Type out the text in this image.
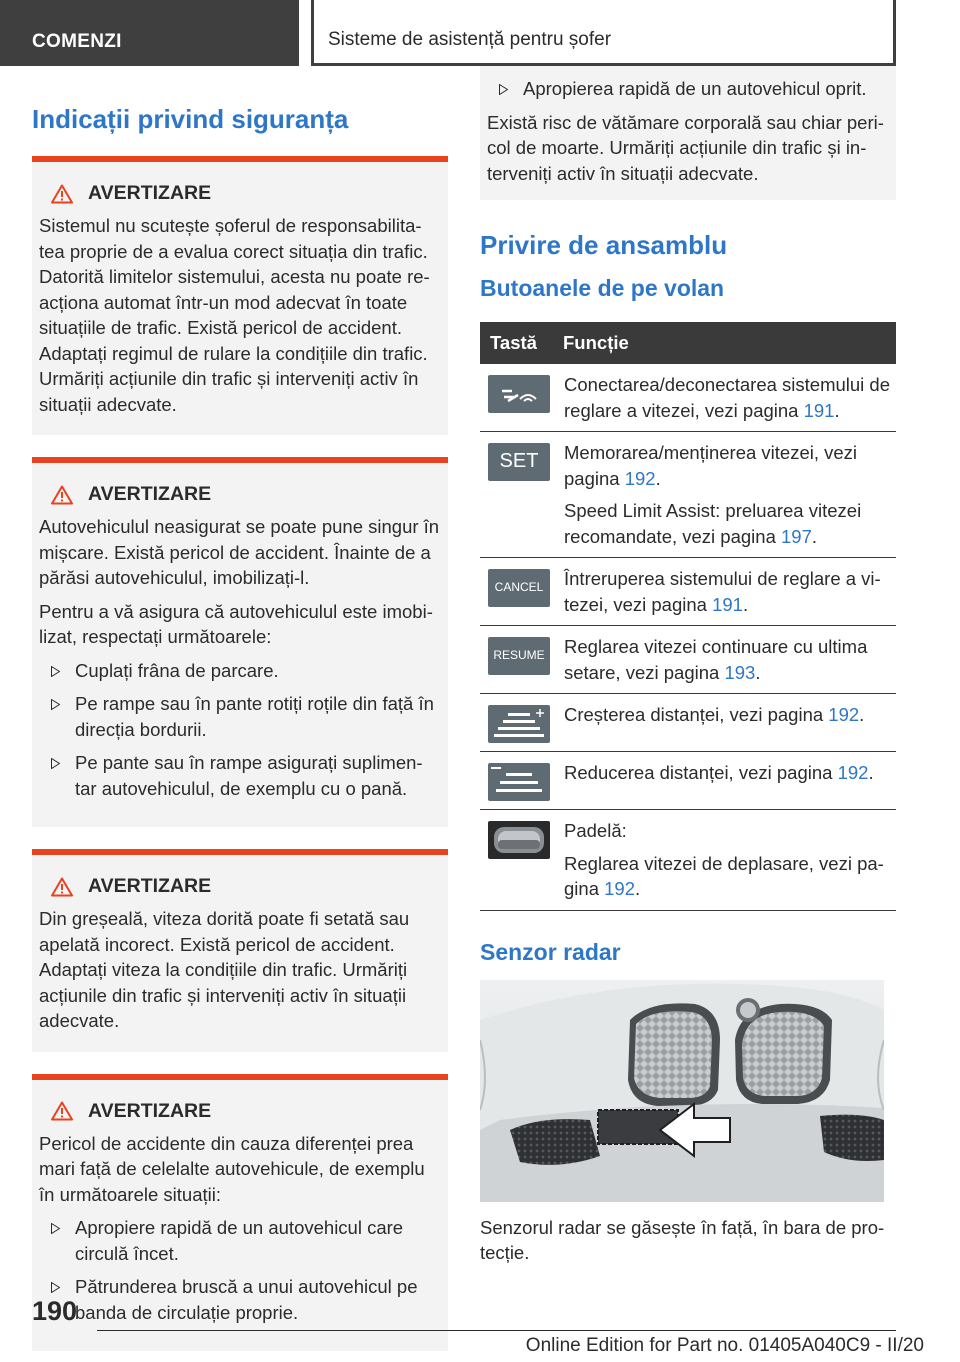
COMENZI	Sisteme de asistență pentru șofer
Indicații privind siguranța
AVERTIZARE

Sistemul nu scutește șoferul de responsabilita-tea proprie de a evalua corect situația din trafic. Datorită limitelor sistemului, acesta nu poate re-acționa automat într-un mod adecvat în toate situațiile de trafic. Există pericol de accident. Adaptați regimul de rulare la condițiile din trafic. Urmăriți acțiunile din trafic și interveniți activ în situații adecvate.

AVERTIZARE

Autovehiculul neasigurat se poate pune singur în mișcare. Există pericol de accident. Înainte de a părăsi autovehiculul, imobilizați-l.

Pentru a vă asigura că autovehiculul este imobi-lizat, respectați următoarele:

Cuplați frâna de parcare.
Pe rampe sau în pante rotiți roțile din față în direcția bordurii.
Pe pante sau în rampe asigurați suplimen-tar autovehiculul, de exemplu cu o pană.
AVERTIZARE

Din greșeală, viteza dorită poate fi setată sau apelată incorect. Există pericol de accident. Adaptați viteza la condițiile din trafic. Urmăriți acțiunile din trafic și interveniți activ în situații adecvate.

AVERTIZARE

Pericol de accidente din cauza diferenței prea mari față de celelalte autovehicule, de exemplu în următoarele situații:

Apropiere rapidă de un autovehicul care circulă încet.
Pătrunderea bruscă a unui autovehicul pe banda de circulație proprie.
Apropierea rapidă de un autovehicul oprit.

Există risc de vătămare corporală sau chiar peri-col de moarte. Urmăriți acțiunile din trafic și in-terveniți activ în situații adecvate.

Privire de ansamblu
Butoanele de pe volan
Tastă	Funcție

Conectarea/deconectarea sistemului de reglare a vitezei, vezi pagina 191.

SET	Memorarea/menținerea vitezei, vezi pagina 192.

Speed Limit Assist: preluarea vitezei recomandate, vezi pagina 197.

CANCEL	Întreruperea sistemului de reglare a vi-tezei, vezi pagina 191.

RESUME	Reglarea vitezei continuare cu ultima setare, vezi pagina 193.

Creșterea distanței, vezi pagina 192.

Reducerea distanței, vezi pagina 192.

Padelă:

Reglarea vitezei de deplasare, vezi pa-gina 192.

Senzor radar

Senzorul radar se găsește în față, în bara de pro-tecție.

190
Online Edition for Part no. 01405A040C9 - II/20
